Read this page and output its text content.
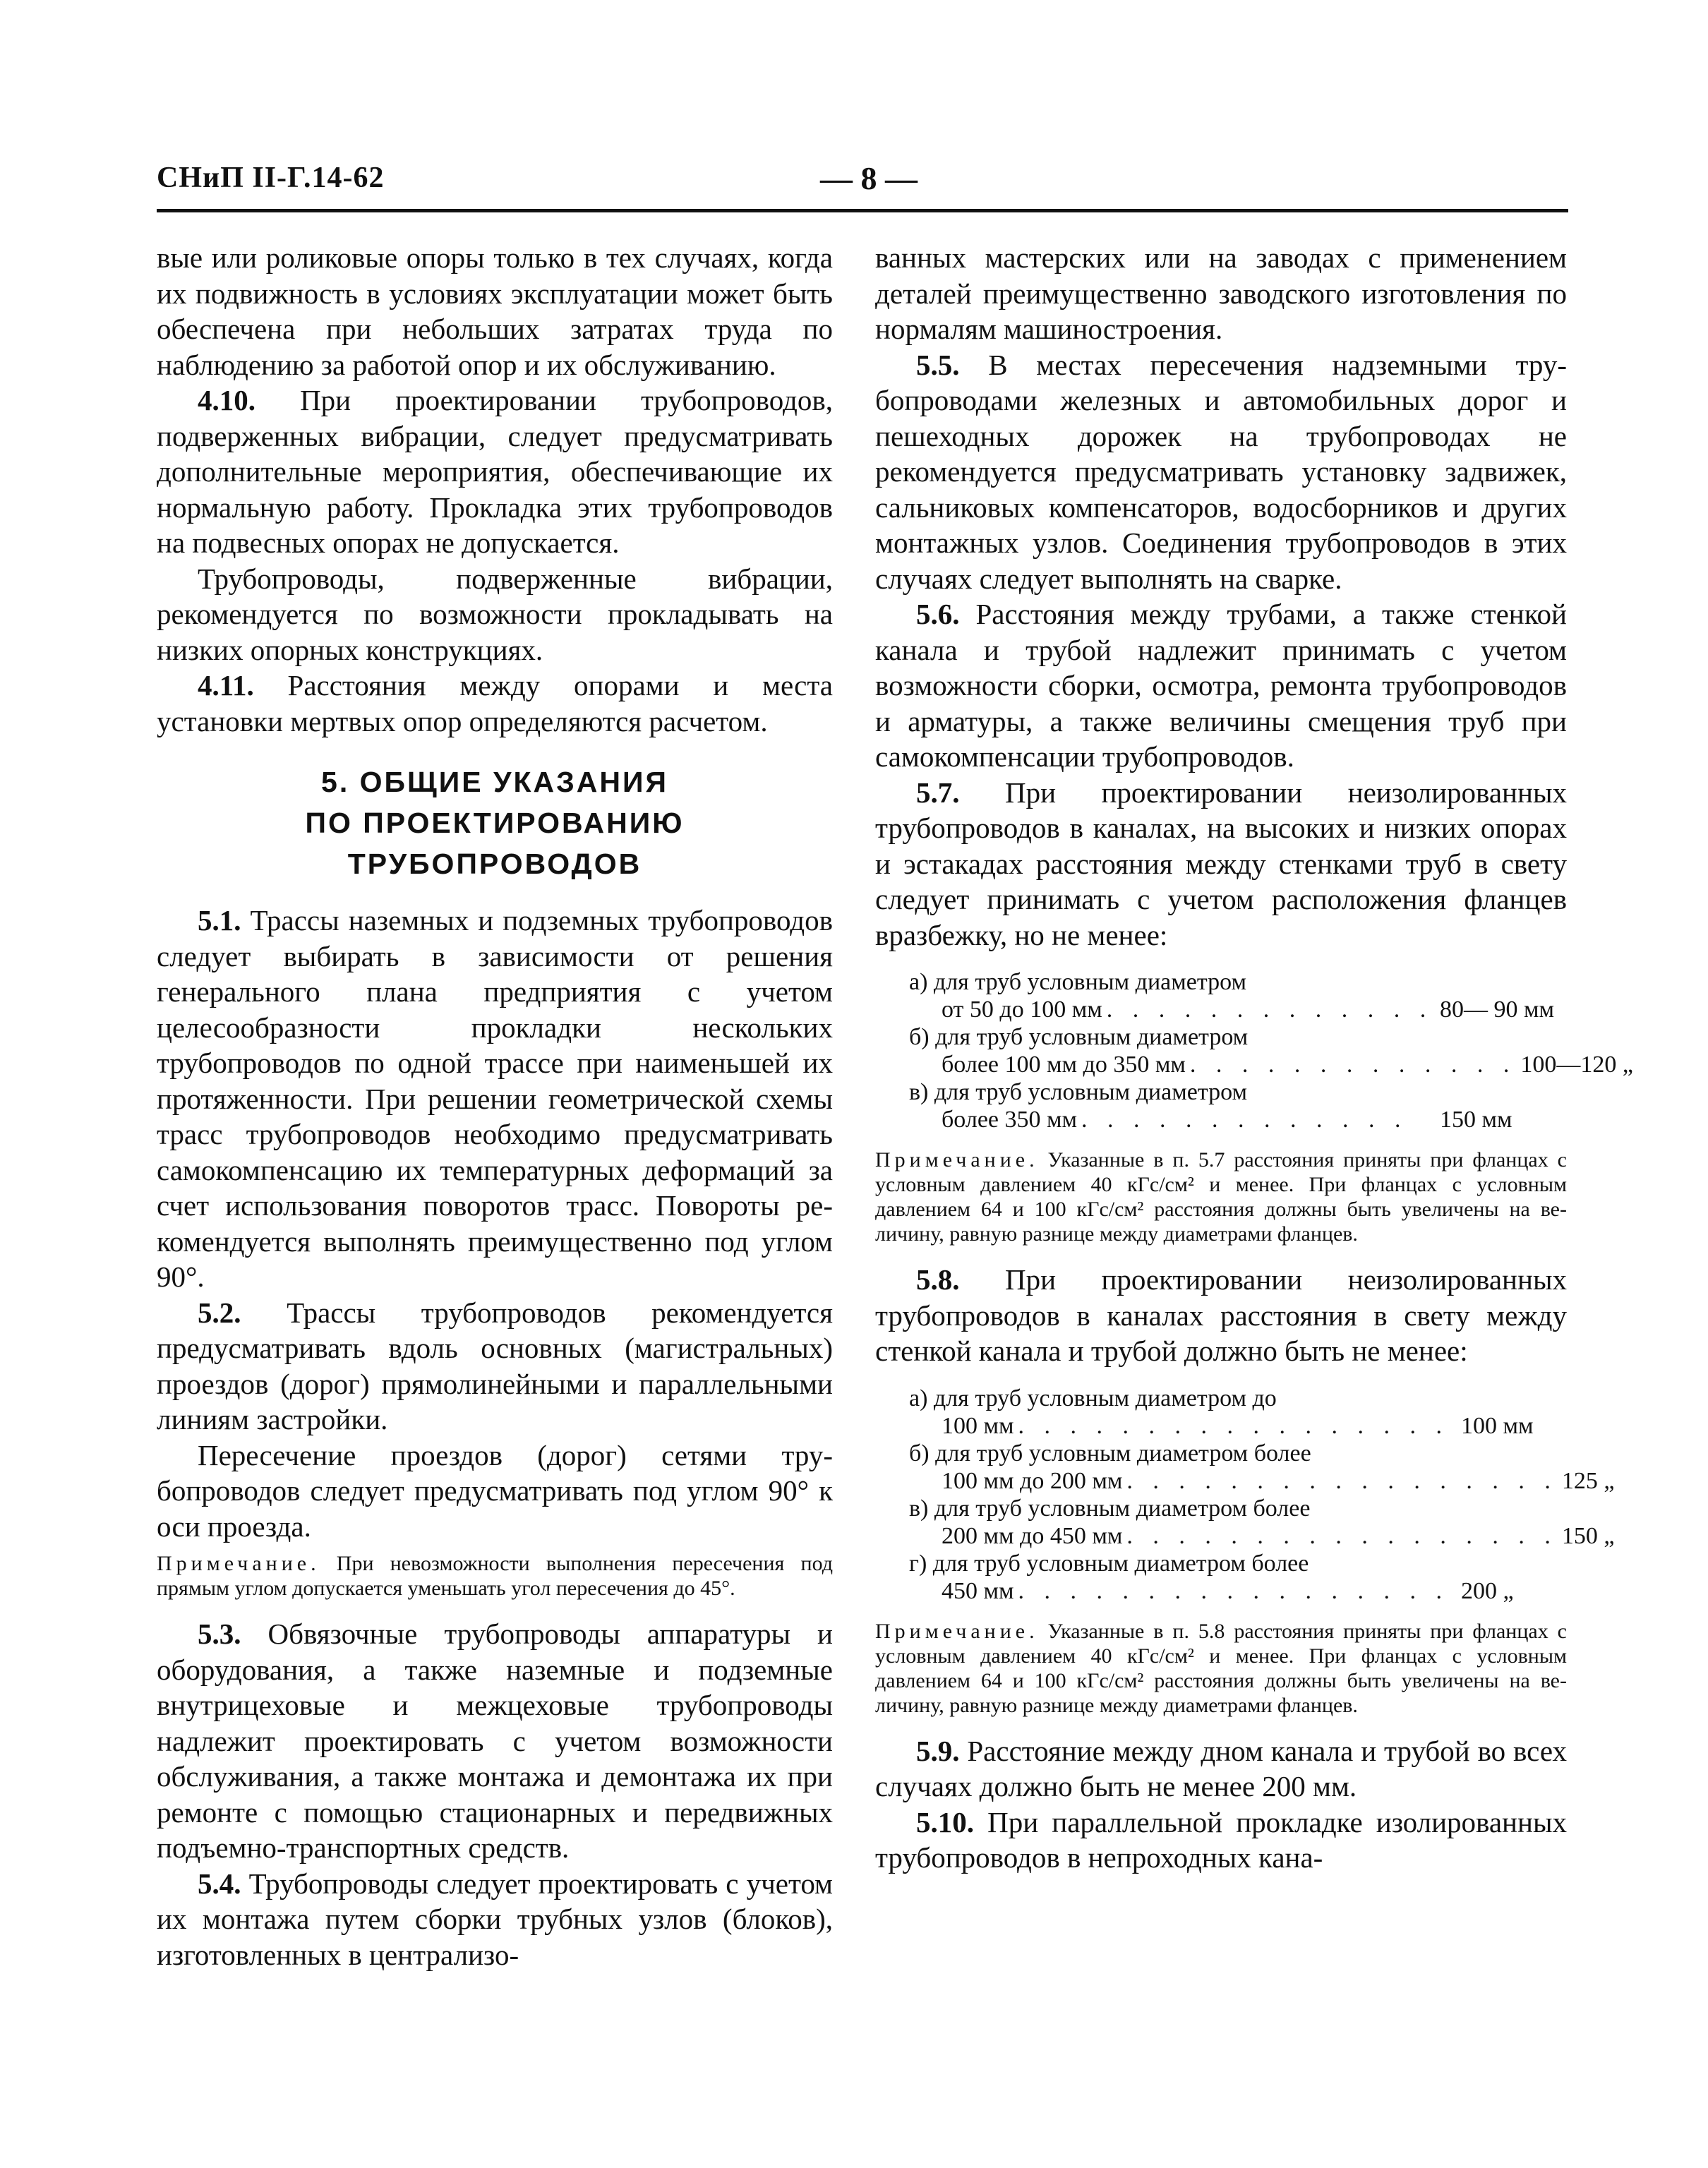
СНиП II-Г.14-62	— 8 —

вые или роликовые опоры только в тех случаях, когда их подвижность в условиях эксплуатации может быть обеспечена при небольших затратах труда по наблюдению за работой опор и их обслуживанию.

4.10. При проектировании трубопроводов, подверженных вибрации, следует предусматривать дополнительные мероприятия, обеспечивающие их нормальную работу. Прокладка этих трубопроводов на подвесных опорах не допускается.

Трубопроводы, подверженные вибрации, рекомендуется по возможности прокладывать на низких опорных конструкциях.

4.11. Расстояния между опорами и места установки мертвых опор определяются расчетом.

5. ОБЩИЕ УКАЗАНИЯ
ПО ПРОЕКТИРОВАНИЮ
ТРУБОПРОВОДОВ

5.1. Трассы наземных и подземных трубопроводов следует выбирать в зависимости от решения генерального плана предприятия с учетом целесообразности прокладки нескольких трубопроводов по одной трассе при наименьшей их протяженности. При решении геометрической схемы трасс трубопроводов необходимо предусматривать самокомпенсацию их температурных деформаций за счет использования поворотов трасс. Повороты рекомендуется выполнять преимущественно под углом 90°.

5.2. Трассы трубопроводов рекомендуется предусматривать вдоль основных (магистральных) проездов (дорог) прямолинейными и параллельными линиям застройки.

Пересечение проездов (дорог) сетями трубопроводов следует предусматривать под углом 90° к оси проезда.

Примечание. При невозможности выполнения пересечения под прямым углом допускается уменьшать угол пересечения до 45°.

5.3. Обвязочные трубопроводы аппаратуры и оборудования, а также наземные и подземные внутрицеховые и межцеховые трубопроводы надлежит проектировать с учетом возможности обслуживания, а также монтажа и демонтажа их при ремонте с помощью стационарных и передвижных подъемно-транспортных средств.

5.4. Трубопроводы следует проектировать с учетом их монтажа путем сборки трубных узлов (блоков), изготовленных в централизо-

ванных мастерских или на заводах с применением деталей преимущественно заводского изготовления по нормалям машиностроения.

5.5. В местах пересечения надземными трубопроводами железных и автомобильных дорог и пешеходных дорожек на трубопроводах не рекомендуется предусматривать установку задвижек, сальниковых компенсаторов, водосборников и других монтажных узлов. Соединения трубопроводов в этих случаях следует выполнять на сварке.

5.6. Расстояния между трубами, а также стенкой канала и трубой надлежит принимать с учетом возможности сборки, осмотра, ремонта трубопроводов и арматуры, а также величины смещения труб при самокомпенсации трубопроводов.

5.7. При проектировании неизолированных трубопроводов в каналах, на высоких и низких опорах и эстакадах расстояния между стенками труб в свету следует принимать с учетом расположения фланцев вразбежку, но не менее:

а) для труб условным диаметром
от 50 до 100 мм . . . . . . . . . . . . . 80— 90 мм
б) для труб условным диаметром
более 100 мм до 350 мм . . . . . . . . . . . . . 100—120 „
в) для труб условным диаметром
более 350 мм . . . . . . . . . . . . .	150 мм

Примечание. Указанные в п. 5.7 расстояния приняты при фланцах с условным давлением 40 кГс/см² и менее. При фланцах с условным давлением 64 и 100 кГс/см² расстояния должны быть увеличены на величину, равную разнице между диаметрами фланцев.

5.8. При проектировании неизолированных трубопроводов в каналах расстояния в свету между стенкой канала и трубой должно быть не менее:

а) для труб условным диаметром до
100 мм . . . . . . . . . . . . . . . . . 100 мм
б) для труб условным диаметром более
100 мм до 200 мм . . . . . . . . . . . . . . . . . 125 „
в) для труб условным диаметром более
200 мм до 450 мм . . . . . . . . . . . . . . . . . 150 „
г) для труб условным диаметром более
450 мм . . . . . . . . . . . . . . . . . 200 „

Примечание. Указанные в п. 5.8 расстояния приняты при фланцах с условным давлением 40 кГс/см² и менее. При фланцах с условным давлением 64 и 100 кГс/см² расстояния должны быть увеличены на величину, равную разнице между диаметрами фланцев.

5.9. Расстояние между дном канала и трубой во всех случаях должно быть не менее 200 мм.

5.10. При параллельной прокладке изолированных трубопроводов в непроходных кана-
